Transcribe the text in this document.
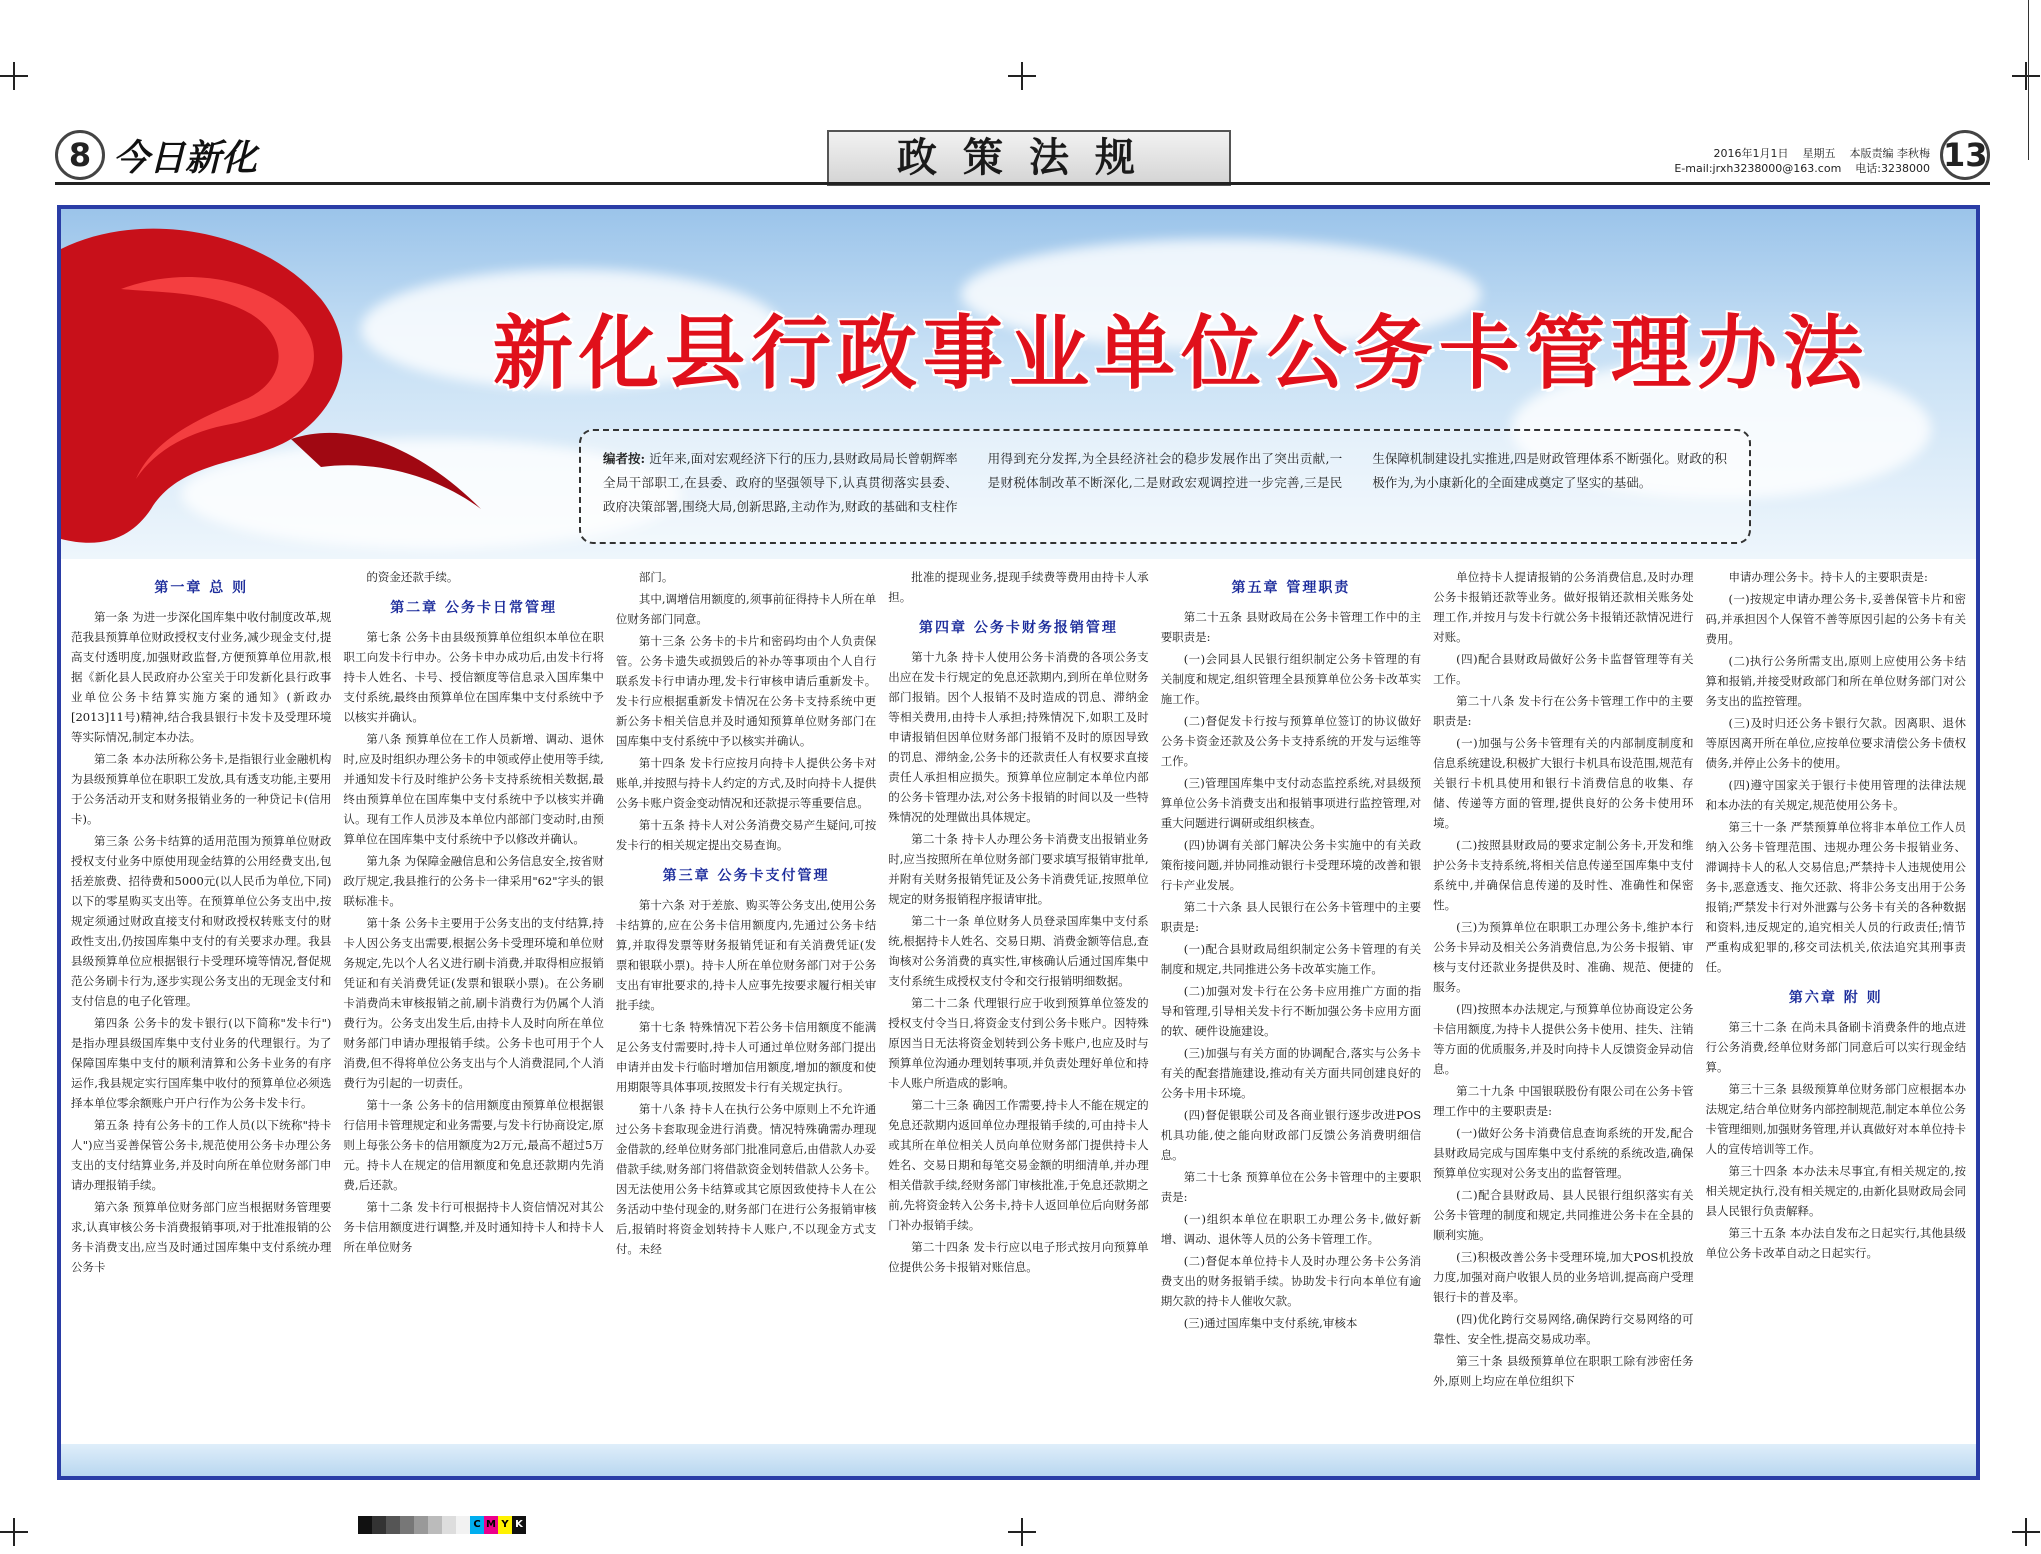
8 今日新化	政策法规	2016年1月1日 星期五 本版责编 李秋梅
E-mail:jrxh3238000@163.com 电话:3238000 13
新化县行政事业单位公务卡管理办法
编者按: 近年来,面对宏观经济下行的压力,县财政局局长曾朝辉率全局干部职工,在县委、政府的坚强领导下,认真贯彻落实县委、政府决策部署,围绕大局,创新思路,主动作为,财政的基础和支柱作用得到充分发挥,为全县经济社会的稳步发展作出了突出贡献,一是财税体制改革不断深化,二是财政宏观调控进一步完善,三是民生保障机制建设扎实推进,四是财政管理体系不断强化。财政的积极作为,为小康新化的全面建成奠定了坚实的基础。
第一章 总 则

第一条 为进一步深化国库集中收付制度改革,规范我县预算单位财政授权支付业务,减少现金支付,提高支付透明度,加强财政监督,方便预算单位用款,根据《新化县人民政府办公室关于印发新化县行政事业单位公务卡结算实施方案的通知》(新政办[2013]11号)精神,结合我县银行卡发卡及受理环境等实际情况,制定本办法。

第二条 本办法所称公务卡,是指银行业金融机构为县级预算单位在职职工发放,具有透支功能,主要用于公务活动开支和财务报销业务的一种贷记卡(信用卡)。

第三条 公务卡结算的适用范围为预算单位财政授权支付业务中原使用现金结算的公用经费支出,包括差旅费、招待费和5000元(以人民币为单位,下同)以下的零星购买支出等。在预算单位公务支出中,按规定须通过财政直接支付和财政授权转账支付的财政性支出,仍按国库集中支付的有关要求办理。我县县级预算单位应根据银行卡受理环境等情况,督促规范公务刷卡行为,逐步实现公务支出的无现金支付和支付信息的电子化管理。

第四条 公务卡的发卡银行(以下简称"发卡行")是指办理县级国库集中支付业务的代理银行。为了保障国库集中支付的顺利清算和公务卡业务的有序运作,我县规定实行国库集中收付的预算单位必须选择本单位零余额账户开户行作为公务卡发卡行。

第五条 持有公务卡的工作人员(以下统称"持卡人")应当妥善保管公务卡,规范使用公务卡办理公务支出的支付结算业务,并及时向所在单位财务部门申请办理报销手续。

第六条 预算单位财务部门应当根据财务管理要求,认真审核公务卡消费报销事项,对于批准报销的公务卡消费支出,应当及时通过国库集中支付系统办理公务卡

的资金还款手续。

第二章 公务卡日常管理

第七条 公务卡由县级预算单位组织本单位在职职工向发卡行申办。公务卡申办成功后,由发卡行将持卡人姓名、卡号、授信额度等信息录入国库集中支付系统,最终由预算单位在国库集中支付系统中予以核实并确认。

第八条 预算单位在工作人员新增、调动、退休时,应及时组织办理公务卡的申领或停止使用等手续,并通知发卡行及时维护公务卡支持系统相关数据,最终由预算单位在国库集中支付系统中予以核实并确认。现有工作人员涉及本单位内部部门变动时,由预算单位在国库集中支付系统中予以修改并确认。

第九条 为保障金融信息和公务信息安全,按省财政厅规定,我县推行的公务卡一律采用"62"字头的银联标准卡。

第十条 公务卡主要用于公务支出的支付结算,持卡人因公务支出需要,根据公务卡受理环境和单位财务规定,先以个人名义进行刷卡消费,并取得相应报销凭证和有关消费凭证(发票和银联小票)。在公务刷卡消费尚未审核报销之前,刷卡消费行为仍属个人消费行为。公务支出发生后,由持卡人及时向所在单位财务部门申请办理报销手续。公务卡也可用于个人消费,但不得将单位公务支出与个人消费混同,个人消费行为引起的一切责任。

第十一条 公务卡的信用额度由预算单位根据银行信用卡管理规定和业务需要,与发卡行协商设定,原则上每张公务卡的信用额度为2万元,最高不超过5万元。持卡人在规定的信用额度和免息还款期内先消费,后还款。

第十二条 发卡行可根据持卡人资信情况对其公务卡信用额度进行调整,并及时通知持卡人和持卡人所在单位财务

部门。

其中,调增信用额度的,须事前征得持卡人所在单位财务部门同意。

第十三条 公务卡的卡片和密码均由个人负责保管。公务卡遗失或损毁后的补办等事项由个人自行联系发卡行申请办理,发卡行审核申请后重新发卡。发卡行应根据重新发卡情况在公务卡支持系统中更新公务卡相关信息并及时通知预算单位财务部门在国库集中支付系统中予以核实并确认。

第十四条 发卡行应按月向持卡人提供公务卡对账单,并按照与持卡人约定的方式,及时向持卡人提供公务卡账户资金变动情况和还款提示等重要信息。

第十五条 持卡人对公务消费交易产生疑问,可按发卡行的相关规定提出交易查询。

第三章 公务卡支付管理

第十六条 对于差旅、购买等公务支出,使用公务卡结算的,应在公务卡信用额度内,先通过公务卡结算,并取得发票等财务报销凭证和有关消费凭证(发票和银联小票)。持卡人所在单位财务部门对于公务支出有审批要求的,持卡人应事先按要求履行相关审批手续。

第十七条 特殊情况下若公务卡信用额度不能满足公务支付需要时,持卡人可通过单位财务部门提出申请并由发卡行临时增加信用额度,增加的额度和使用期限等具体事项,按照发卡行有关规定执行。

第十八条 持卡人在执行公务中原则上不允许通过公务卡套取现金进行消费。情况特殊确需办理现金借款的,经单位财务部门批准同意后,由借款人办妥借款手续,财务部门将借款资金划转借款人公务卡。因无法使用公务卡结算或其它原因致使持卡人在公务活动中垫付现金的,财务部门在进行公务报销审核后,报销时将资金划转持卡人账户,不以现金方式支付。未经

批准的提现业务,提现手续费等费用由持卡人承担。

第四章 公务卡财务报销管理

第十九条 持卡人使用公务卡消费的各项公务支出应在发卡行规定的免息还款期内,到所在单位财务部门报销。因个人报销不及时造成的罚息、滞纳金等相关费用,由持卡人承担;持殊情况下,如职工及时申请报销但因单位财务部门报销不及时的原因导致的罚息、滞纳金,公务卡的还款责任人有权要求直接责任人承担相应损失。预算单位应制定本单位内部的公务卡管理办法,对公务卡报销的时间以及一些特殊情况的处理做出具体规定。

第二十条 持卡人办理公务卡消费支出报销业务时,应当按照所在单位财务部门要求填写报销审批单,并附有关财务报销凭证及公务卡消费凭证,按照单位规定的财务报销程序报请审批。

第二十一条 单位财务人员登录国库集中支付系统,根据持卡人姓名、交易日期、消费金额等信息,查询核对公务消费的真实性,审核确认后通过国库集中支付系统生成授权支付令和交行报销明细数据。

第二十二条 代理银行应于收到预算单位签发的授权支付令当日,将资金支付到公务卡账户。因特殊原因当日无法将资金划转到公务卡账户,也应及时与预算单位沟通办理划转事项,并负责处理好单位和持卡人账户所造成的影响。

第二十三条 确因工作需要,持卡人不能在规定的免息还款期内返回单位办理报销手续的,可由持卡人或其所在单位相关人员向单位财务部门提供持卡人姓名、交易日期和每笔交易金额的明细清单,并办理相关借款手续,经财务部门审核批准,于免息还款期之前,先将资金转入公务卡,持卡人返回单位后向财务部门补办报销手续。

第二十四条 发卡行应以电子形式按月向预算单位提供公务卡报销对账信息。

第五章 管理职责

第二十五条 县财政局在公务卡管理工作中的主要职责是:

(一)会同县人民银行组织制定公务卡管理的有关制度和规定,组织管理全县预算单位公务卡改革实施工作。

(二)督促发卡行按与预算单位签订的协议做好公务卡资金还款及公务卡支持系统的开发与运维等工作。

(三)管理国库集中支付动态监控系统,对县级预算单位公务卡消费支出和报销事项进行监控管理,对重大问题进行调研或组织核查。

(四)协调有关部门解决公务卡实施中的有关政策衔接问题,并协同推动银行卡受理环境的改善和银行卡产业发展。

第二十六条 县人民银行在公务卡管理中的主要职责是:

(一)配合县财政局组织制定公务卡管理的有关制度和规定,共同推进公务卡改革实施工作。

(二)加强对发卡行在公务卡应用推广方面的指导和管理,引导相关发卡行不断加强公务卡应用方面的软、硬件设施建设。

(三)加强与有关方面的协调配合,落实与公务卡有关的配套措施建设,推动有关方面共同创建良好的公务卡用卡环境。

(四)督促银联公司及各商业银行逐步改进POS机具功能,使之能向财政部门反馈公务消费明细信息。

第二十七条 预算单位在公务卡管理中的主要职责是:

(一)组织本单位在职职工办理公务卡,做好新增、调动、退休等人员的公务卡管理工作。

(二)督促本单位持卡人及时办理公务卡公务消费支出的财务报销手续。协助发卡行向本单位有逾期欠款的持卡人催收欠款。

(三)通过国库集中支付系统,审核本

单位持卡人提请报销的公务消费信息,及时办理公务卡报销还款等业务。做好报销还款相关账务处理工作,并按月与发卡行就公务卡报销还款情况进行对账。

(四)配合县财政局做好公务卡监督管理等有关工作。

第二十八条 发卡行在公务卡管理工作中的主要职责是:

(一)加强与公务卡管理有关的内部制度制度和信息系统建设,积极扩大银行卡机具布设范围,规范有关银行卡机具使用和银行卡消费信息的收集、存储、传递等方面的管理,提供良好的公务卡使用环境。

(二)按照县财政局的要求定制公务卡,开发和维护公务卡支持系统,将相关信息传递至国库集中支付系统中,并确保信息传递的及时性、准确性和保密性。

(三)为预算单位在职职工办理公务卡,维护本行公务卡异动及相关公务消费信息,为公务卡报销、审核与支付还款业务提供及时、准确、规范、便捷的服务。

(四)按照本办法规定,与预算单位协商设定公务卡信用额度,为持卡人提供公务卡使用、挂失、注销等方面的优质服务,并及时向持卡人反馈资金异动信息。

第二十九条 中国银联股份有限公司在公务卡管理工作中的主要职责是:

(一)做好公务卡消费信息查询系统的开发,配合县财政局完成与国库集中支付系统的系统改造,确保预算单位实现对公务支出的监督管理。

(二)配合县财政局、县人民银行组织落实有关公务卡管理的制度和规定,共同推进公务卡在全县的顺利实施。

(三)积极改善公务卡受理环境,加大POS机投放力度,加强对商户收银人员的业务培训,提高商户受理银行卡的普及率。

(四)优化跨行交易网络,确保跨行交易网络的可靠性、安全性,提高交易成功率。

第三十条 县级预算单位在职职工除有涉密任务外,原则上均应在单位组织下

申请办理公务卡。持卡人的主要职责是:

(一)按规定申请办理公务卡,妥善保管卡片和密码,并承担因个人保管不善等原因引起的公务卡有关费用。

(二)执行公务所需支出,原则上应使用公务卡结算和报销,并接受财政部门和所在单位财务部门对公务支出的监控管理。

(三)及时归还公务卡银行欠款。因离职、退休等原因离开所在单位,应按单位要求清偿公务卡债权债务,并停止公务卡的使用。

(四)遵守国家关于银行卡使用管理的法律法规和本办法的有关规定,规范使用公务卡。

第三十一条 严禁预算单位将非本单位工作人员纳入公务卡管理范围、违规办理公务卡报销业务、滞调持卡人的私人交易信息;严禁持卡人违规使用公务卡,恶意透支、拖欠还款、将非公务支出用于公务报销;严禁发卡行对外泄露与公务卡有关的各种数据和资料,违反规定的,追究相关人员的行政责任;情节严重构成犯罪的,移交司法机关,依法追究其刑事责任。

第六章 附 则

第三十二条 在尚未具备刷卡消费条件的地点进行公务消费,经单位财务部门同意后可以实行现金结算。

第三十三条 县级预算单位财务部门应根据本办法规定,结合单位财务内部控制规范,制定本单位公务卡管理细则,加强财务管理,并认真做好对本单位持卡人的宣传培训等工作。

第三十四条 本办法未尽事宜,有相关规定的,按相关规定执行,没有相关规定的,由新化县财政局会同县人民银行负责解释。

第三十五条 本办法自发布之日起实行,其他县级单位公务卡改革自动之日起实行。

C M Y K
